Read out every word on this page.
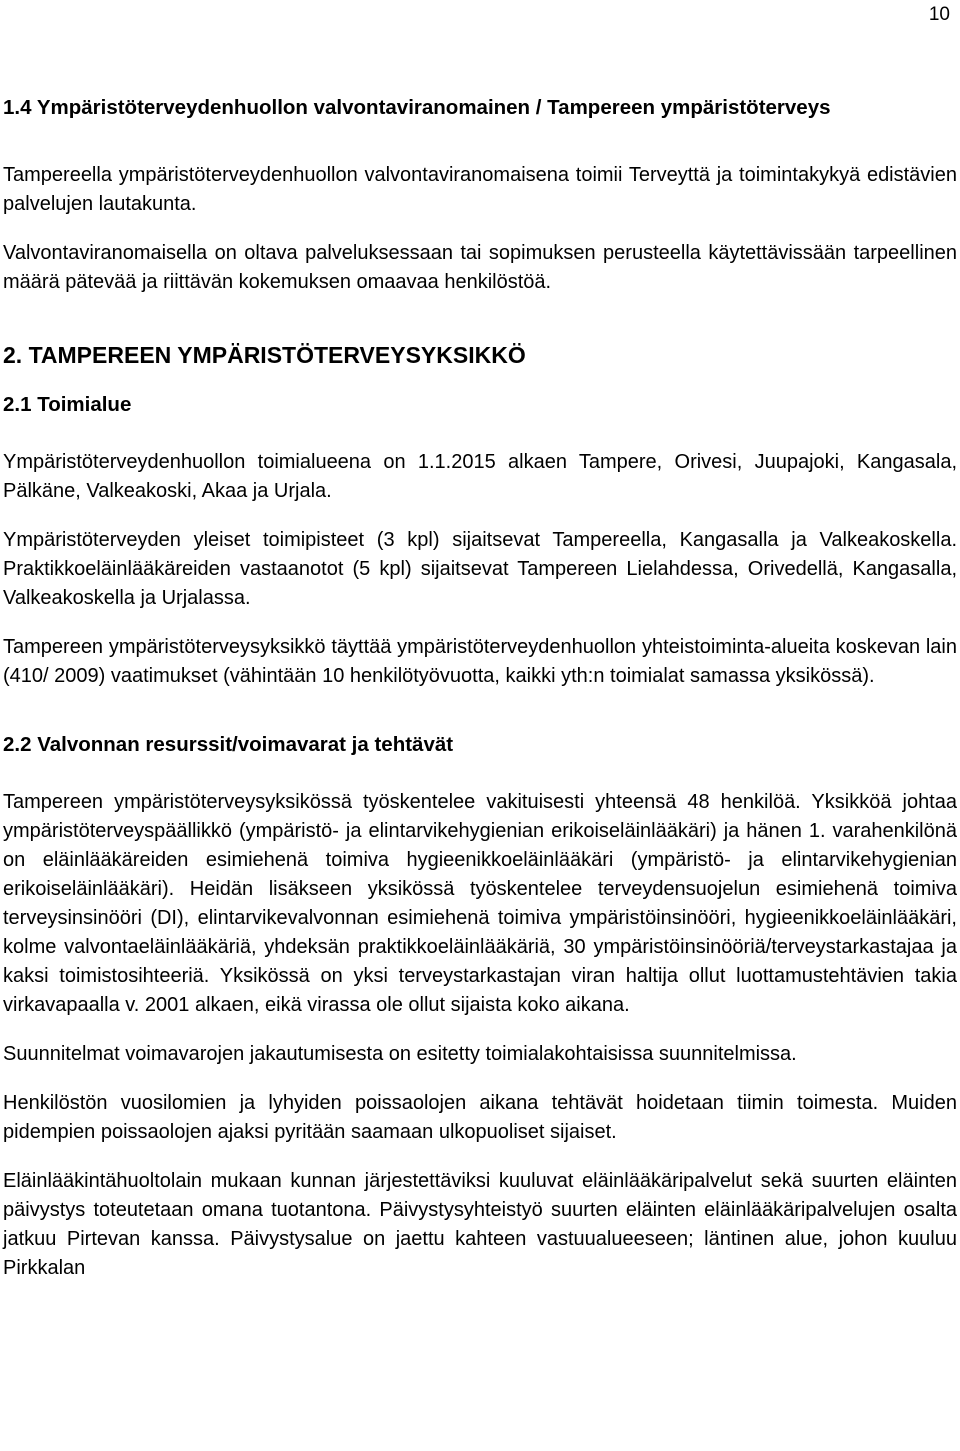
10
1.4 Ympäristöterveydenhuollon valvontaviranomainen / Tampereen ympäristöterveys

Tampereella ympäristöterveydenhuollon valvontaviranomaisena toimii Terveyttä ja toimintakykyä edistävien palvelujen lautakunta.

Valvontaviranomaisella on oltava palveluksessaan tai sopimuksen perusteella käytettävissään tarpeellinen määrä pätevää ja riittävän kokemuksen omaavaa henkilöstöä.

2. TAMPEREEN YMPÄRISTÖTERVEYSYKSIKKÖ
2.1 Toimialue

Ympäristöterveydenhuollon toimialueena on 1.1.2015 alkaen Tampere, Orivesi, Juupajoki, Kangasala, Pälkäne, Valkeakoski, Akaa ja Urjala.

Ympäristöterveyden yleiset toimipisteet (3 kpl) sijaitsevat Tampereella, Kangasalla ja Valkeakoskella. Praktikkoeläinlääkäreiden vastaanotot (5 kpl) sijaitsevat Tampereen Lielahdessa, Orivedellä, Kangasalla, Valkeakoskella ja Urjalassa.

Tampereen ympäristöterveysyksikkö täyttää ympäristöterveydenhuollon yhteistoiminta-alueita koskevan lain (410/ 2009) vaatimukset (vähintään 10 henkilötyövuotta, kaikki yth:n toimialat samassa yksikössä).

2.2 Valvonnan resurssit/voimavarat ja tehtävät

Tampereen ympäristöterveysyksikössä työskentelee vakituisesti yhteensä 48 henkilöä. Yksikköä johtaa ympäristöterveyspäällikkö (ympäristö- ja elintarvikehygienian erikoiseläinlääkäri) ja hänen 1. varahenkilönä on eläinlääkäreiden esimiehenä toimiva hygieenikkoeläinlääkäri (ympäristö- ja elintarvikehygienian erikoiseläinlääkäri). Heidän lisäkseen yksikössä työskentelee terveydensuojelun esimiehenä toimiva terveysinsinööri (DI), elintarvikevalvonnan esimiehenä toimiva ympäristöinsinööri, hygieenikkoeläinlääkäri, kolme valvontaeläinlääkäriä, yhdeksän praktikkoeläinlääkäriä, 30 ympäristöinsinööriä/terveystarkastajaa ja kaksi toimistosihteeriä. Yksikössä on yksi terveystarkastajan viran haltija ollut luottamustehtävien takia virkavapaalla v. 2001 alkaen, eikä virassa ole ollut sijaista koko aikana.

Suunnitelmat voimavarojen jakautumisesta on esitetty toimialakohtaisissa suunnitelmissa.

Henkilöstön vuosilomien ja lyhyiden poissaolojen aikana tehtävät hoidetaan tiimin toimesta. Muiden pidempien poissaolojen ajaksi pyritään saamaan ulkopuoliset sijaiset.

Eläinlääkintähuoltolain mukaan kunnan järjestettäviksi kuuluvat eläinlääkäripalvelut sekä suurten eläinten päivystys toteutetaan omana tuotantona. Päivystysyhteistyö suurten eläinten eläinlääkäripalvelujen osalta jatkuu Pirtevan kanssa. Päivystysalue on jaettu kahteen vastuualueeseen; läntinen alue, johon kuuluu Pirkkalan
